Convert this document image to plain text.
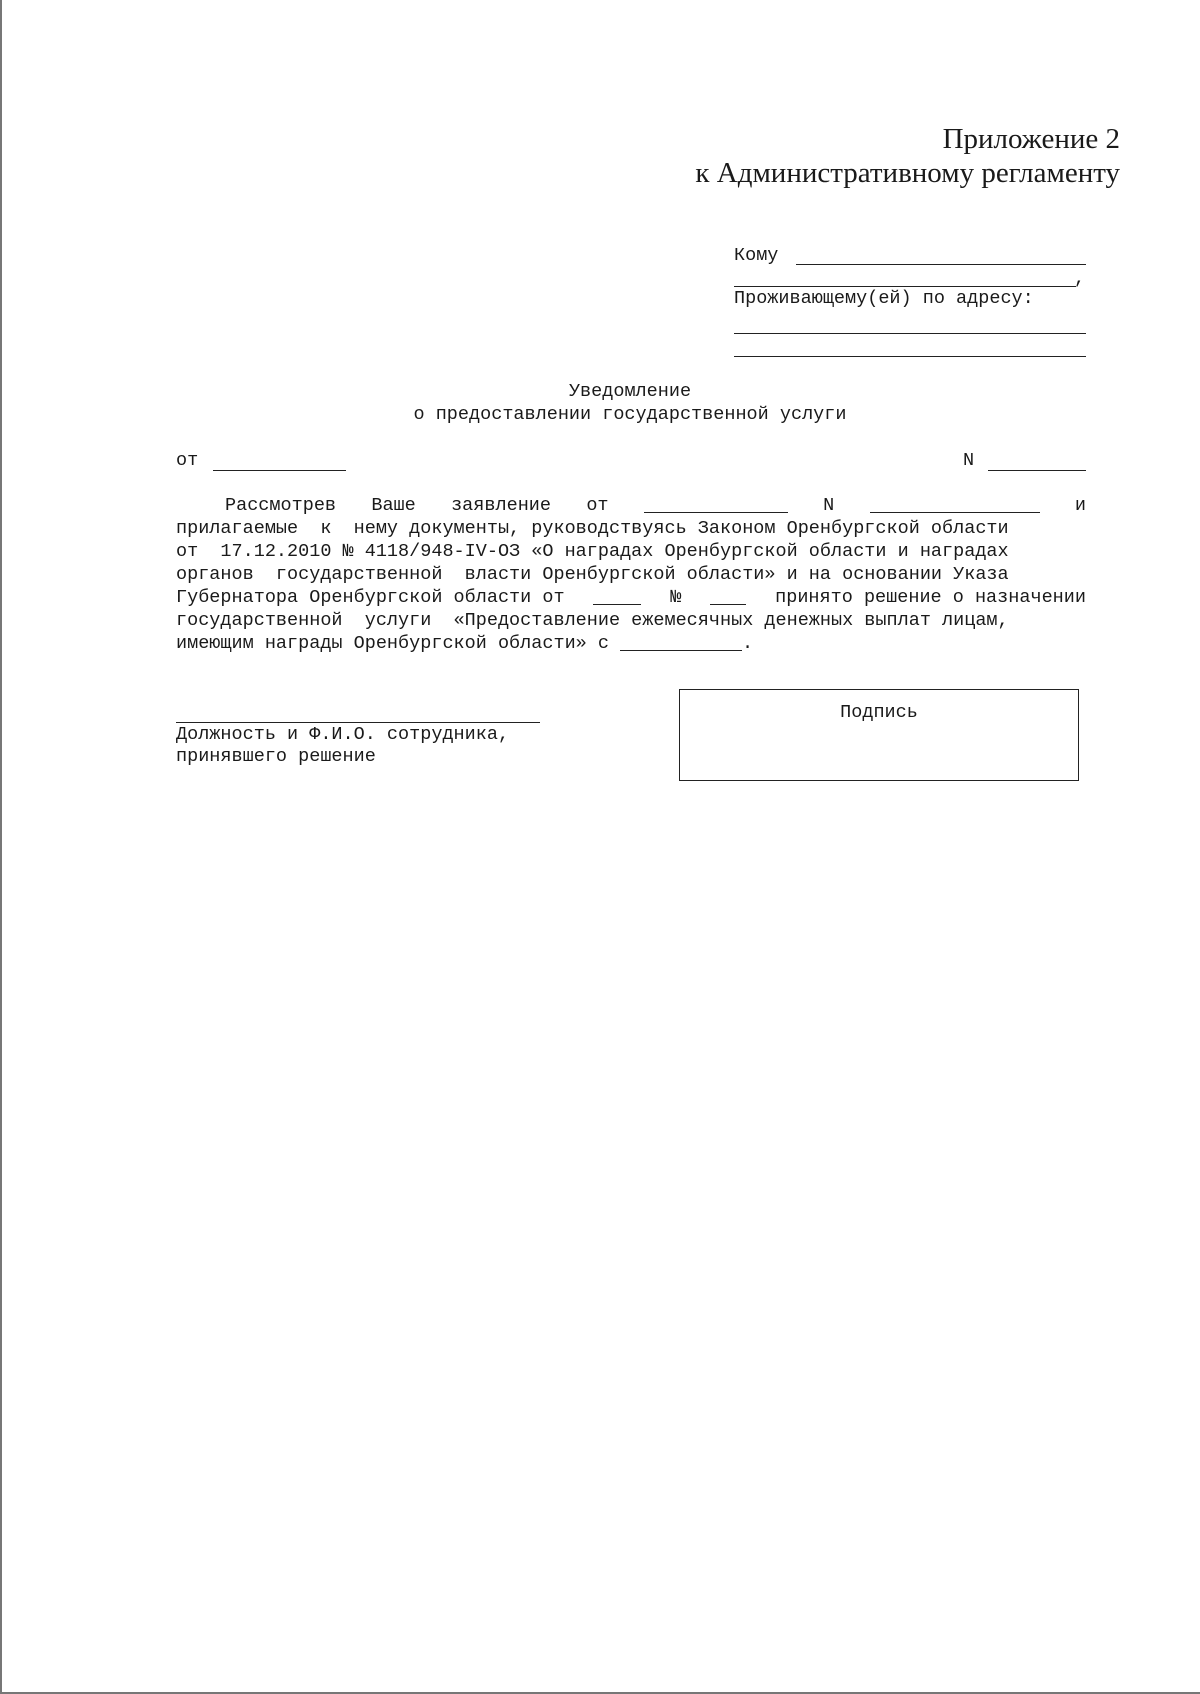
Приложение 2
к Административному регламенту
Кому
,
Проживающему(ей) по адресу:
Уведомление
о предоставлении государственной услуги
от	N
Рассмотрев Ваше заявление от	N	и
прилагаемые  к  нему документы, руководствуясь Законом Оренбургской области
от  17.12.2010 № 4118/948-IV-ОЗ «О наградах Оренбургской области и наградах
органов  государственной  власти Оренбургской области» и на основании Указа
Губернатора Оренбургской области от	№	принято решение о назначении
государственной  услуги  «Предоставление ежемесячных денежных выплат лицам,
имеющим награды Оренбургской области» с	.
Должность и Ф.И.О. сотрудника,
принявшего решение
Подпись
